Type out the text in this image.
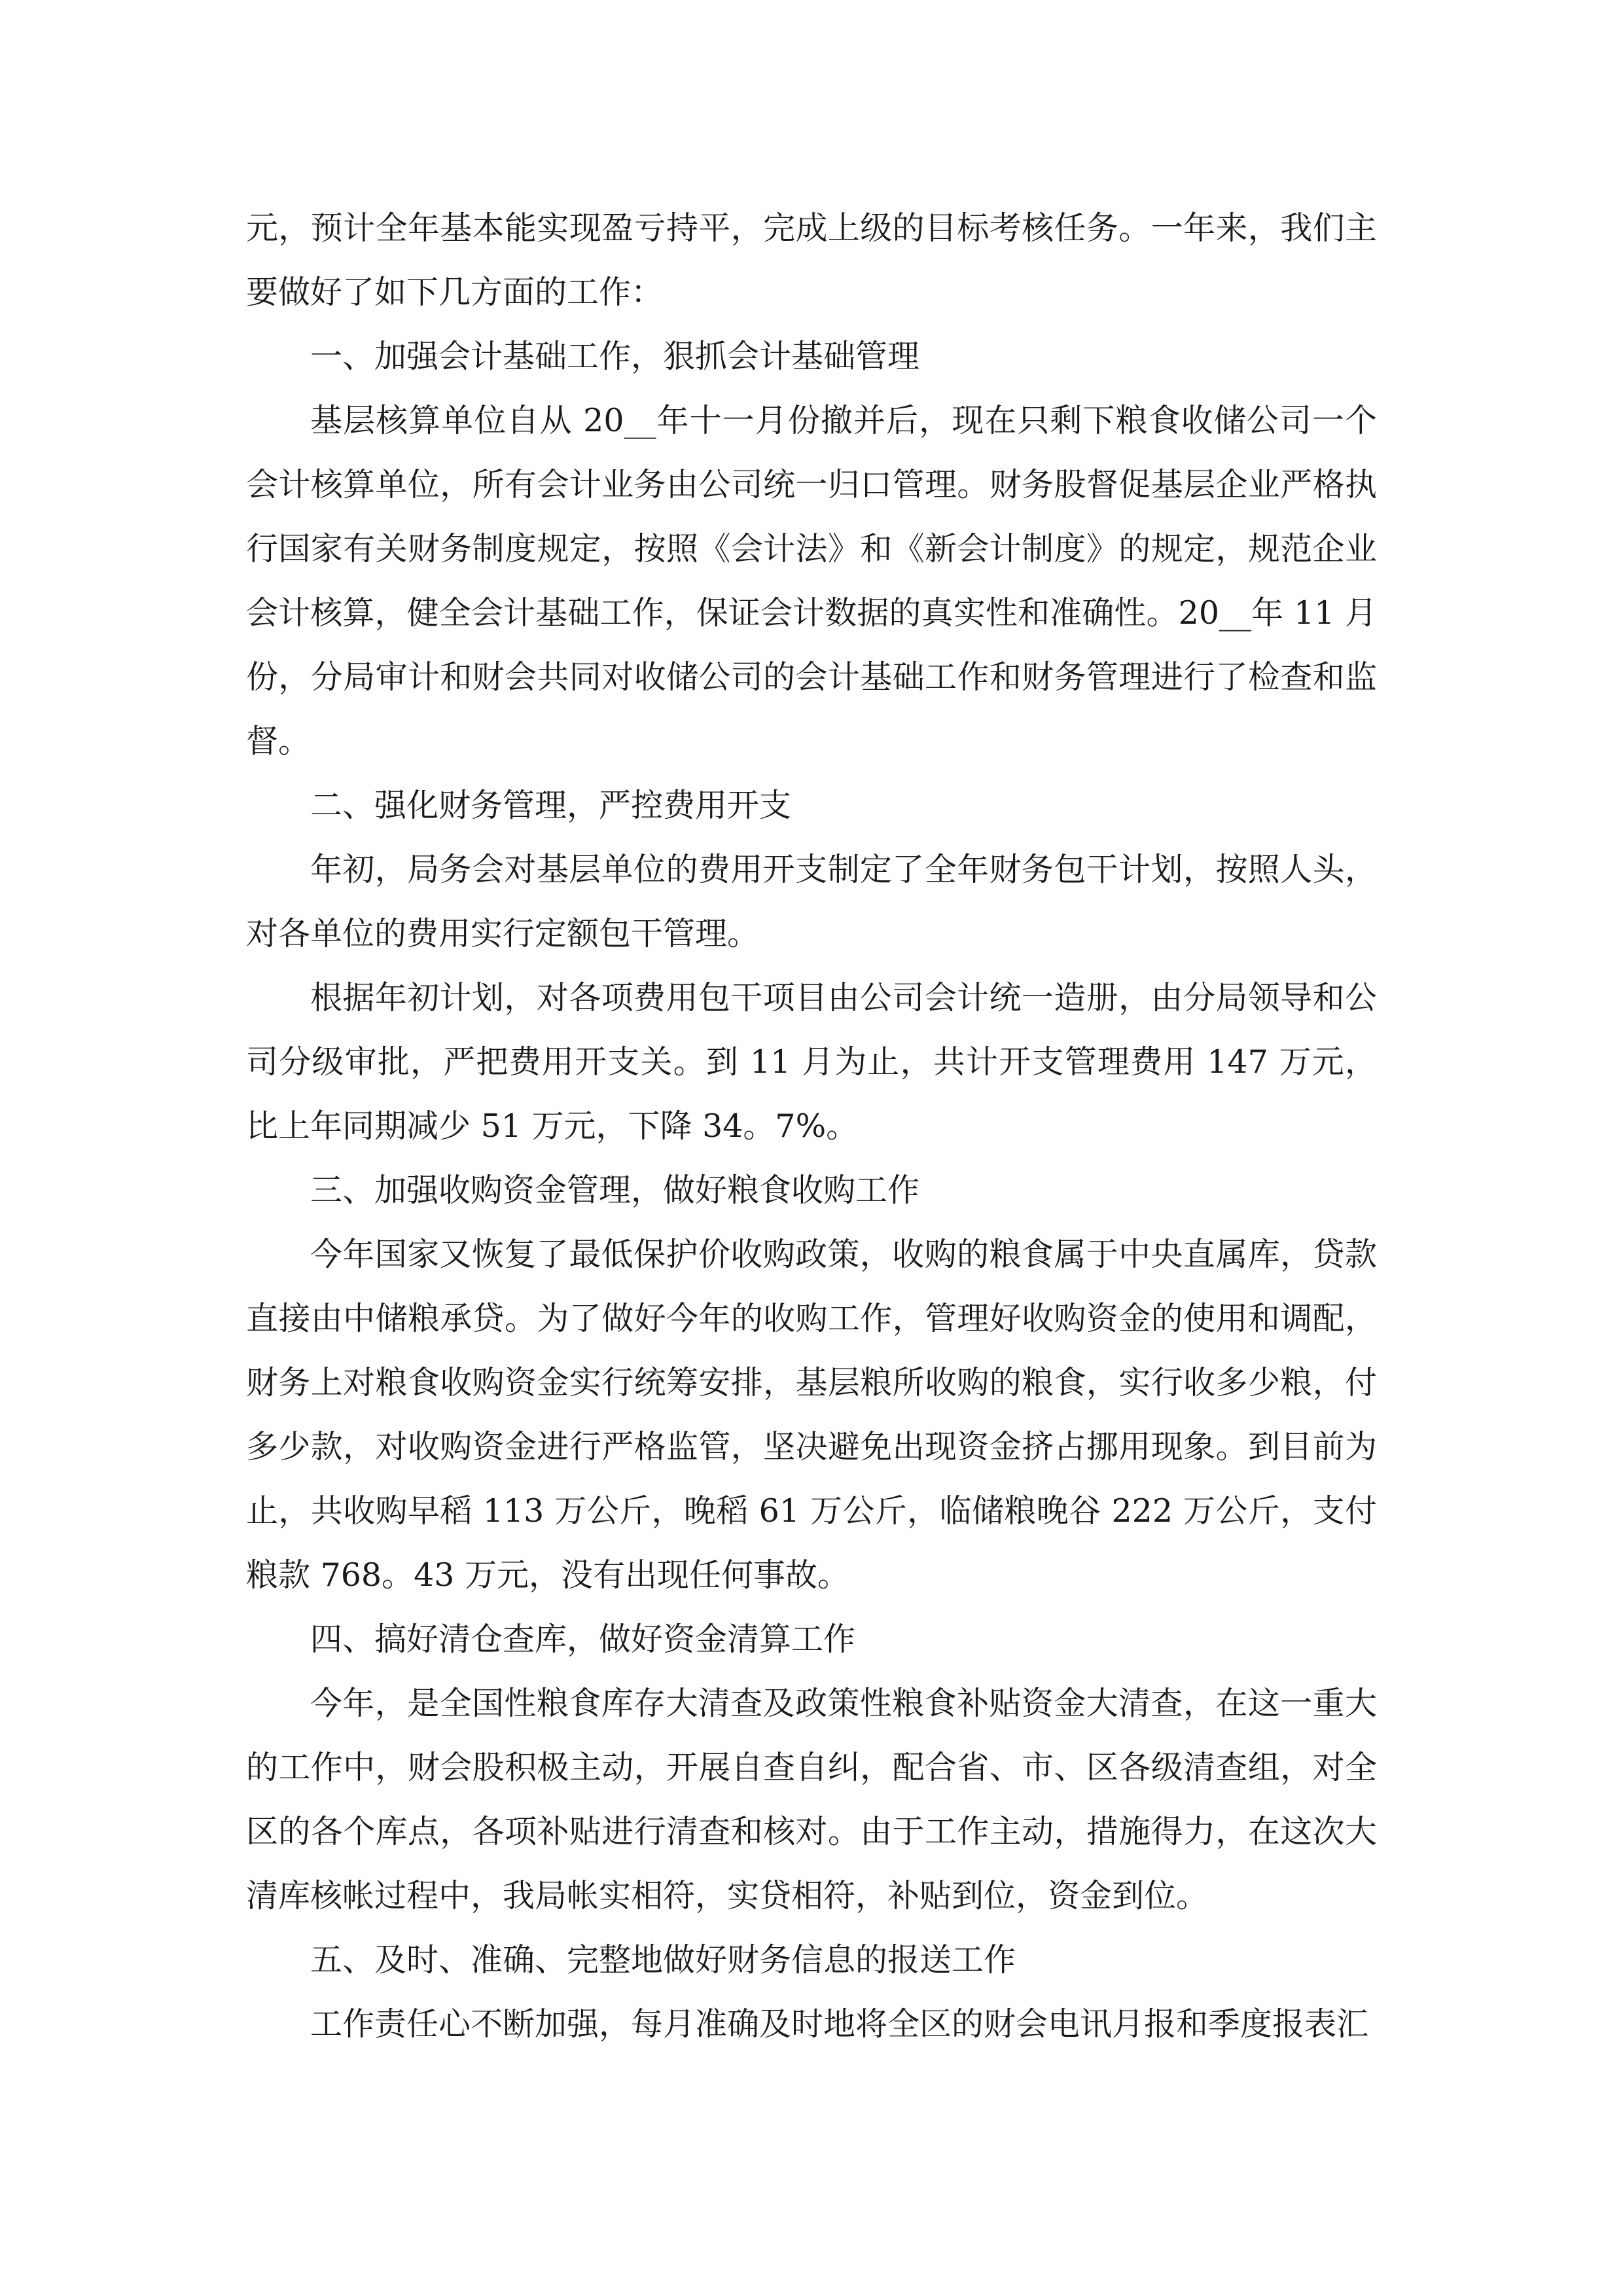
元，预计全年基本能实现盈亏持平，完成上级的目标考核任务。一年来，我们主要做好了如下几方面的工作：

一、加强会计基础工作，狠抓会计基础管理

基层核算单位自从 20__年十一月份撤并后，现在只剩下粮食收储公司一个会计核算单位，所有会计业务由公司统一归口管理。财务股督促基层企业严格执行国家有关财务制度规定，按照《会计法》和《新会计制度》的规定，规范企业会计核算，健全会计基础工作，保证会计数据的真实性和准确性。20__年 11 月份，分局审计和财会共同对收储公司的会计基础工作和财务管理进行了检查和监督。

二、强化财务管理，严控费用开支

年初，局务会对基层单位的费用开支制定了全年财务包干计划，按照人头，对各单位的费用实行定额包干管理。

根据年初计划，对各项费用包干项目由公司会计统一造册，由分局领导和公司分级审批，严把费用开支关。到 11 月为止，共计开支管理费用 147 万元，比上年同期减少 51 万元，下降 34。7%。

三、加强收购资金管理，做好粮食收购工作

今年国家又恢复了最低保护价收购政策，收购的粮食属于中央直属库，贷款直接由中储粮承贷。为了做好今年的收购工作，管理好收购资金的使用和调配，财务上对粮食收购资金实行统筹安排，基层粮所收购的粮食，实行收多少粮，付多少款，对收购资金进行严格监管，坚决避免出现资金挤占挪用现象。到目前为止，共收购早稻 113 万公斤，晚稻 61 万公斤，临储粮晚谷 222 万公斤，支付粮款 768。43 万元，没有出现任何事故。

四、搞好清仓查库，做好资金清算工作

今年，是全国性粮食库存大清查及政策性粮食补贴资金大清查，在这一重大的工作中，财会股积极主动，开展自查自纠，配合省、市、区各级清查组，对全区的各个库点，各项补贴进行清查和核对。由于工作主动，措施得力，在这次大清库核帐过程中，我局帐实相符，实贷相符，补贴到位，资金到位。

五、及时、准确、完整地做好财务信息的报送工作

工作责任心不断加强，每月准确及时地将全区的财会电讯月报和季度报表汇
